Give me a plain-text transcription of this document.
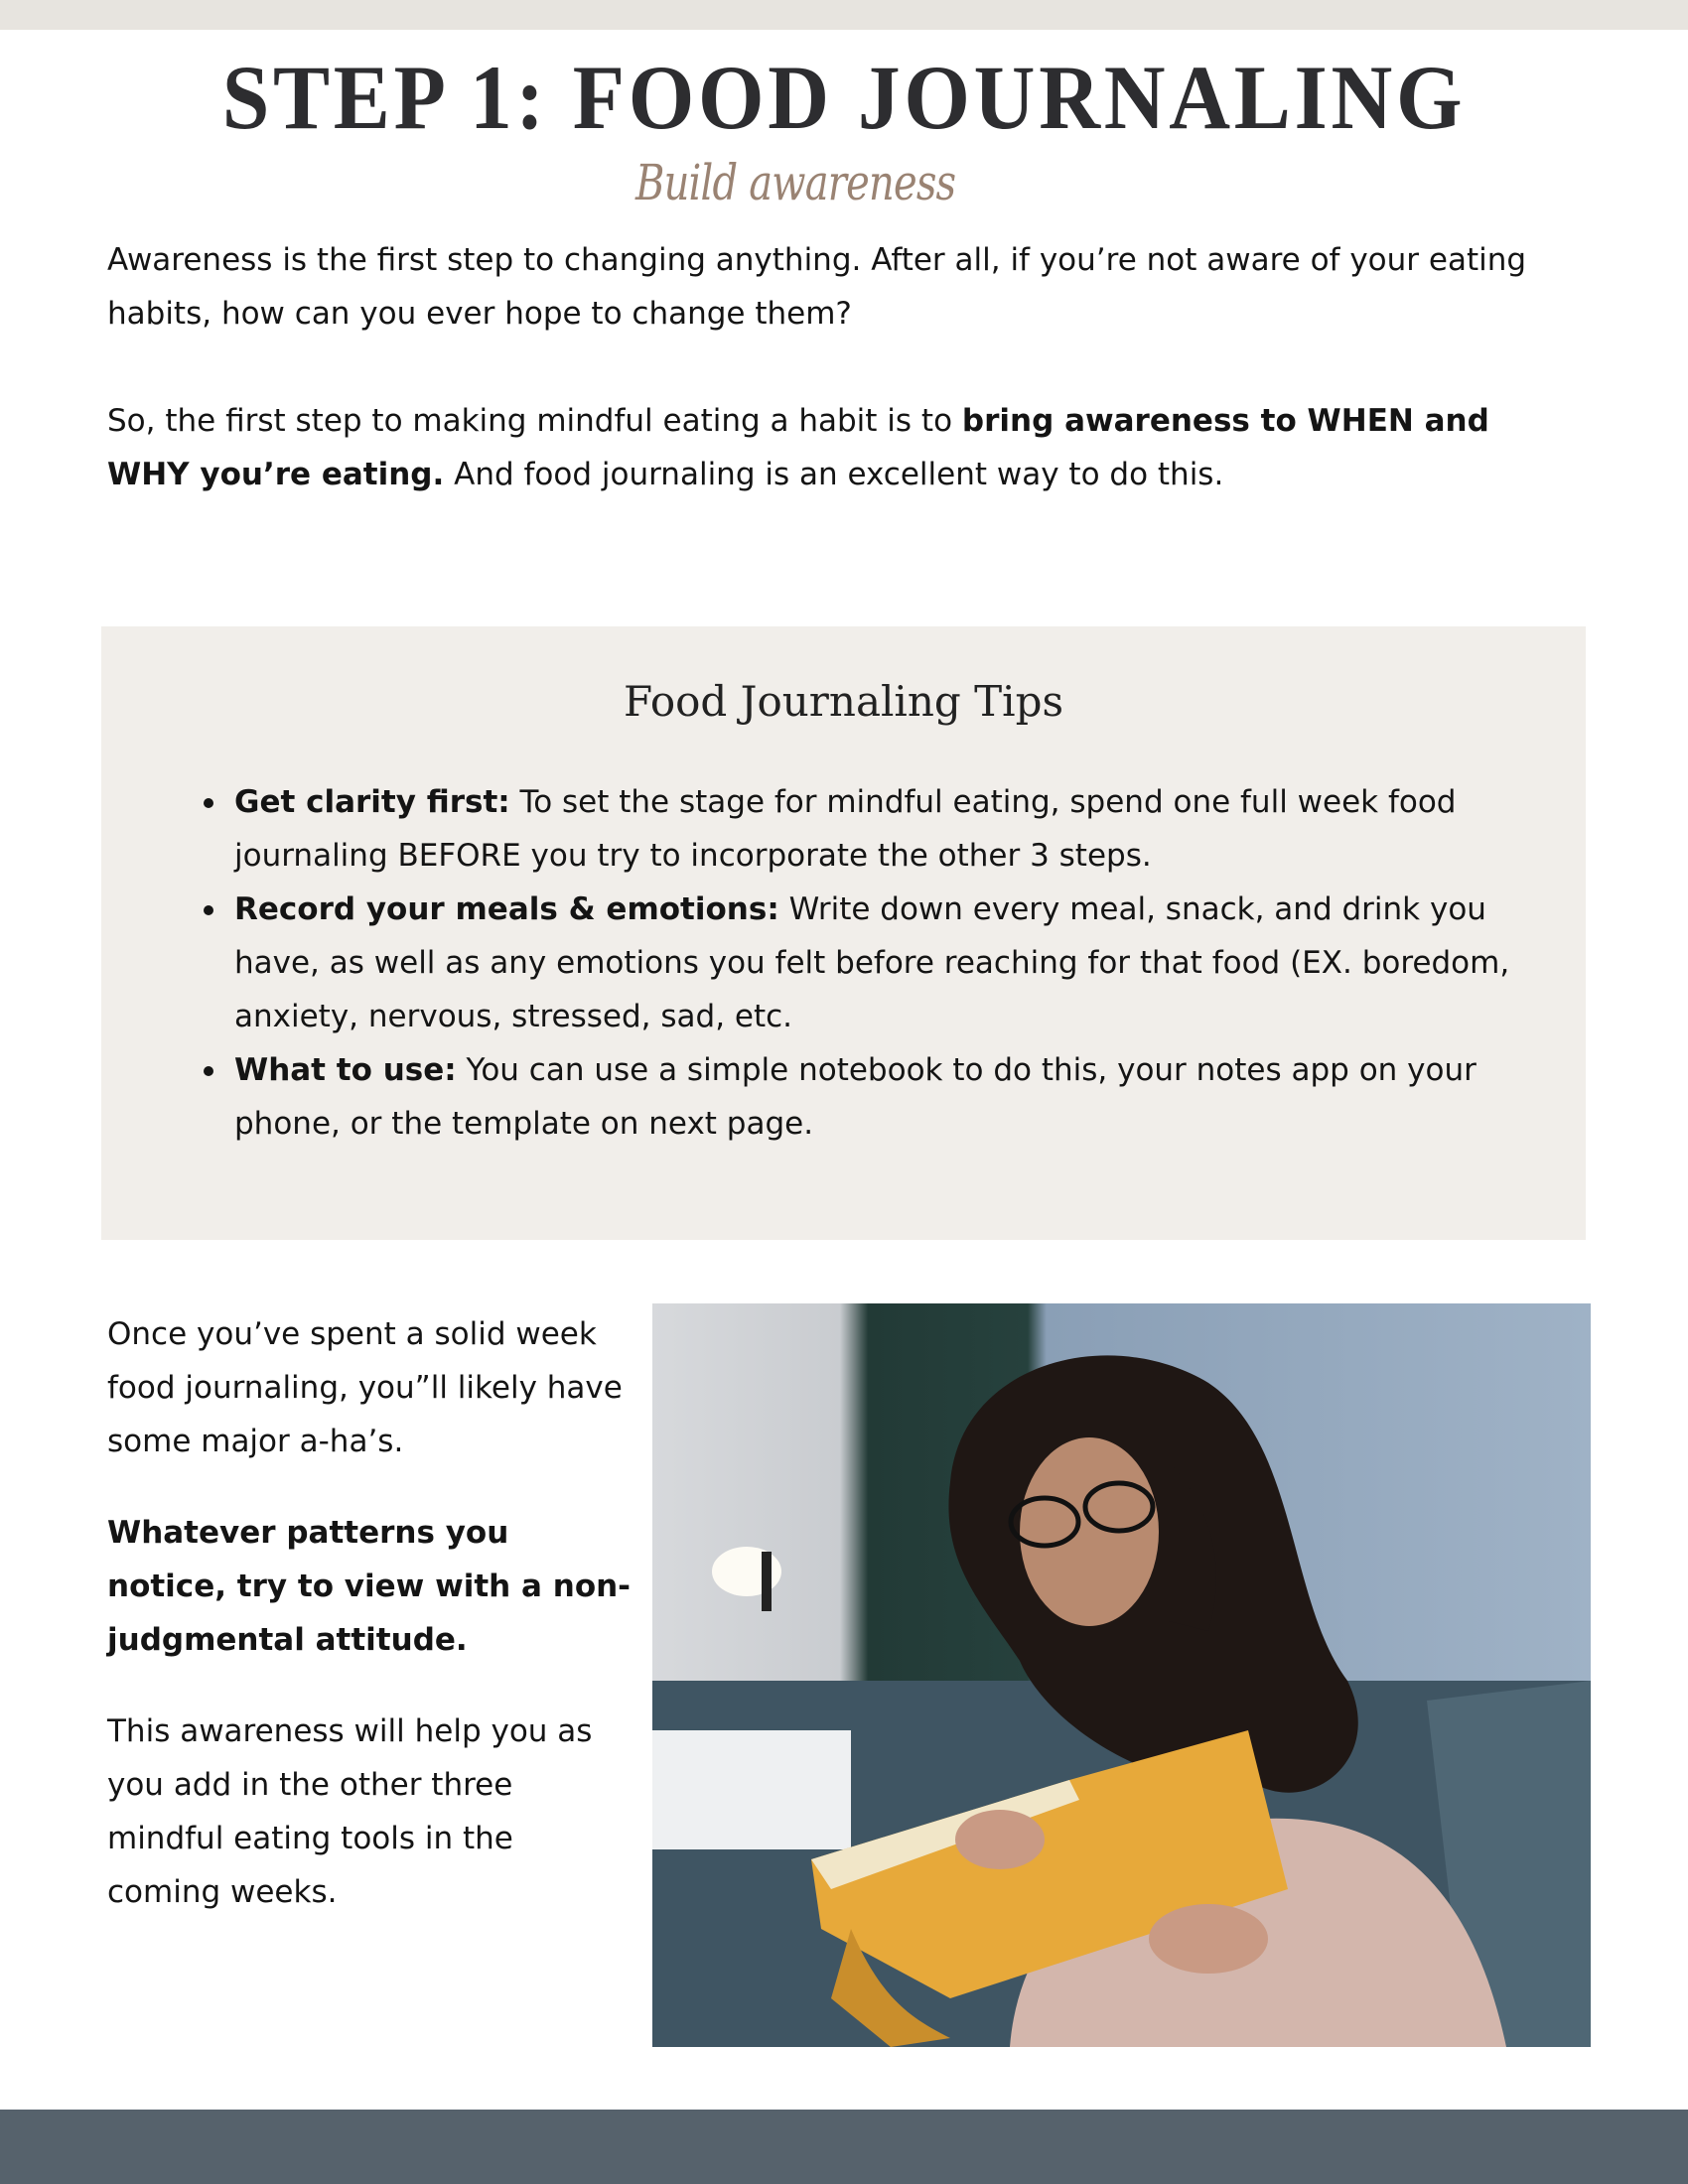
STEP 1: FOOD JOURNALING
Build awareness

Awareness is the first step to changing anything. After all, if you’re not aware of your eating habits, how can you ever hope to change them?

So, the first step to making mindful eating a habit is to bring awareness to WHEN and WHY you’re eating. And food journaling is an excellent way to do this.

Food Journaling Tips
Get clarity first: To set the stage for mindful eating, spend one full week food journaling BEFORE you try to incorporate the other 3 steps.
Record your meals & emotions: Write down every meal, snack, and drink you have, as well as any emotions you felt before reaching for that food (EX. boredom, anxiety, nervous, stressed, sad, etc.
What to use: You can use a simple notebook to do this, your notes app on your phone, or the template on next page.

Once you’ve spent a solid week food journaling, you”ll likely have some major a-ha’s.

Whatever patterns you notice, try to view with a non-judgmental attitude.

This awareness will help you as you add in the other three mindful eating tools in the coming weeks.
